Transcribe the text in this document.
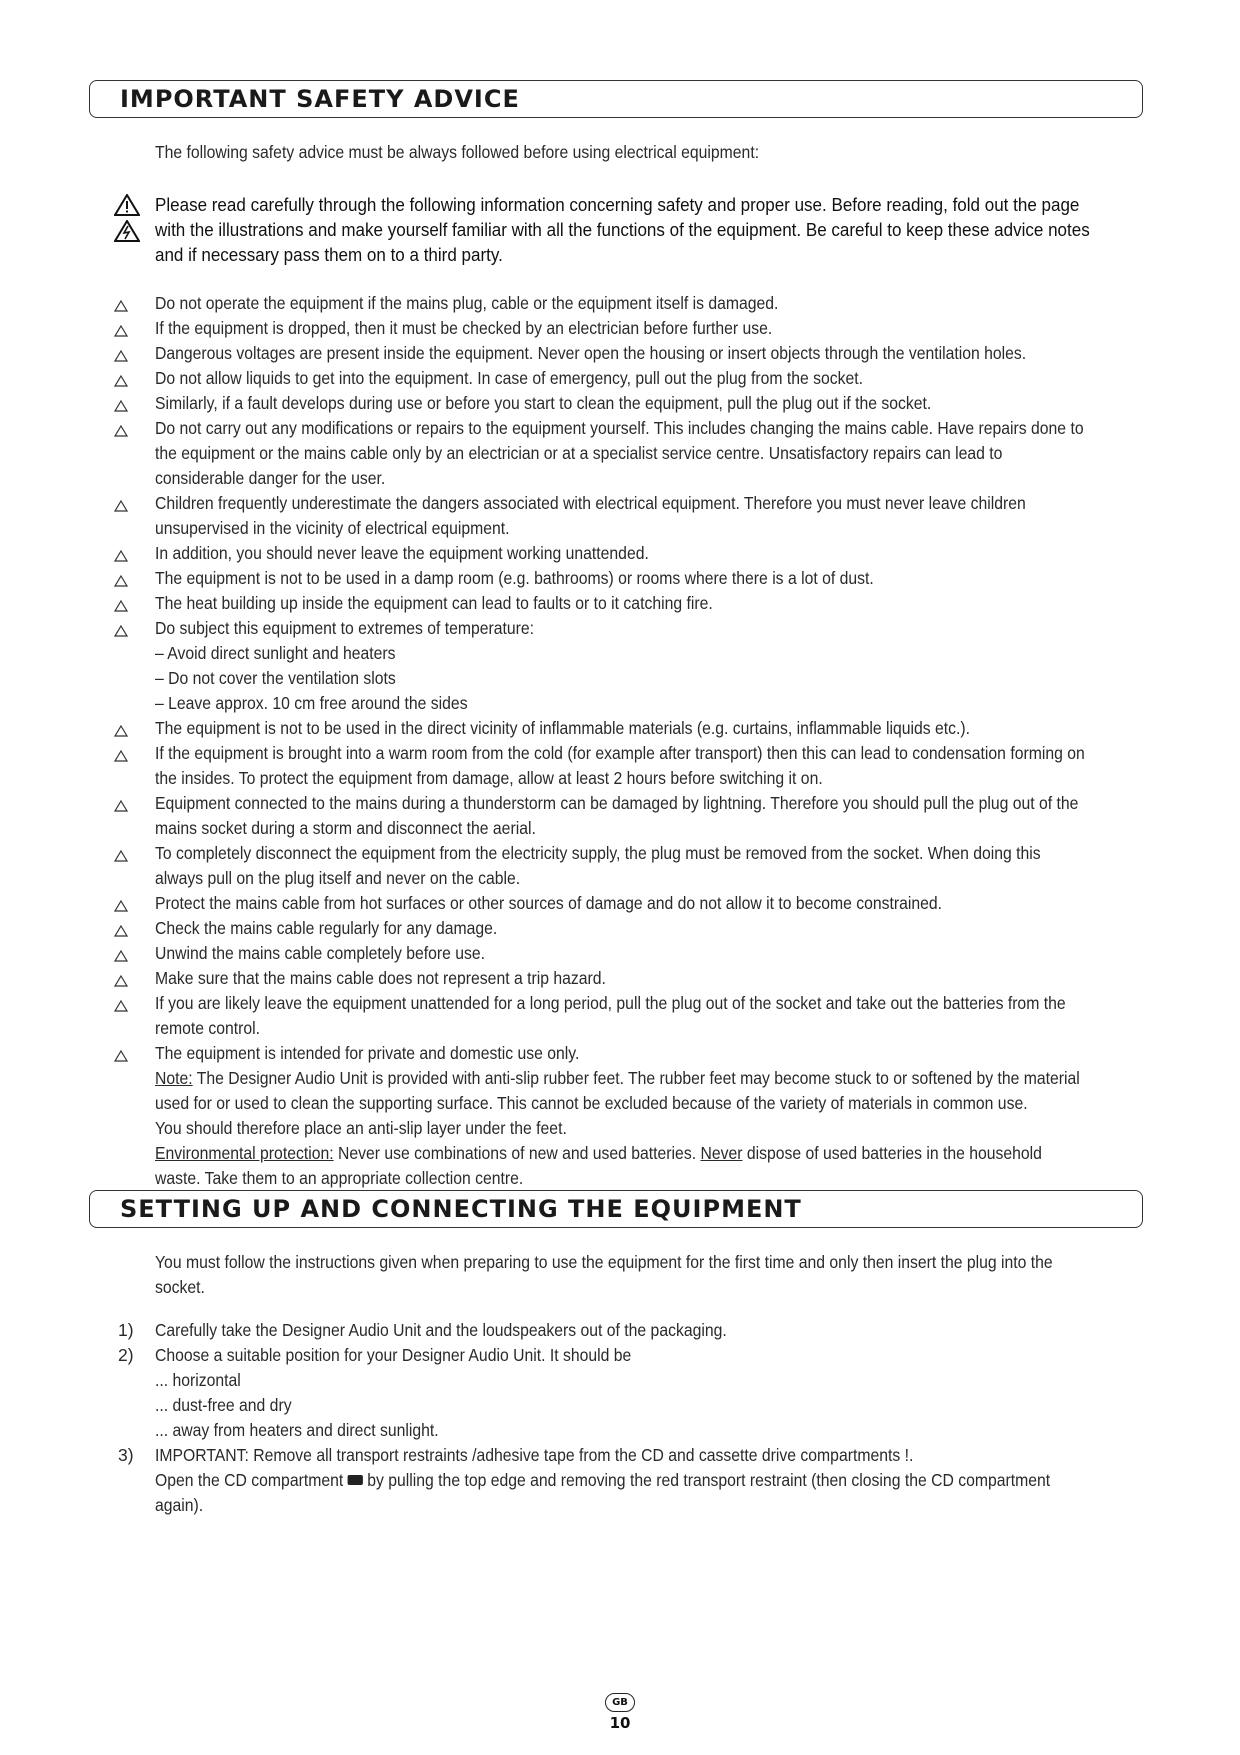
IMPORTANT SAFETY ADVICE
The following safety advice must be always followed before using electrical equipment:
Please read carefully through the following information concerning safety and proper use. Before reading, fold out the page with the illustrations and make yourself familiar with all the functions of the equipment. Be careful to keep these advice notes and if necessary pass them on to a third party.
Do not operate the equipment if the mains plug, cable or the equipment itself is damaged.
If the equipment is dropped, then it must be checked by an electrician before further use.
Dangerous voltages are present inside the equipment. Never open the housing or insert objects through the ventilation holes.
Do not allow liquids to get into the equipment. In case of emergency, pull out the plug from the socket.
Similarly, if a fault develops during use or before you start to clean the equipment, pull the plug out if the socket.
Do not carry out any modifications or repairs to the equipment yourself. This includes changing the mains cable. Have repairs done to the equipment or the mains cable only by an electrician or at a specialist service centre. Unsatisfactory repairs can lead to considerable danger for the user.
Children frequently underestimate the dangers associated with electrical equipment. Therefore you must never leave children unsupervised in the vicinity of electrical equipment.
In addition, you should never leave the equipment working unattended.
The equipment is not to be used in a damp room (e.g. bathrooms) or rooms where there is a lot of dust.
The heat building up inside the equipment can lead to faults or to it catching fire.
Do subject this equipment to extremes of temperature:
– Avoid direct sunlight and heaters
– Do not cover the ventilation slots
– Leave approx. 10 cm free around the sides
The equipment is not to be used in the direct vicinity of inflammable materials (e.g. curtains, inflammable liquids etc.).
If the equipment is brought into a warm room from the cold (for example after transport) then this can lead to condensation forming on the insides. To protect the equipment from damage, allow at least 2 hours before switching it on.
Equipment connected to the mains during a thunderstorm can be damaged by lightning. Therefore you should pull the plug out of the mains socket during a storm and disconnect the aerial.
To completely disconnect the equipment from the electricity supply, the plug must be removed from the socket. When doing this always pull on the plug itself and never on the cable.
Protect the mains cable from hot surfaces or other sources of damage and do not allow it to become constrained.
Check the mains cable regularly for any damage.
Unwind the mains cable completely before use.
Make sure that the mains cable does not represent a trip hazard.
If you are likely leave the equipment unattended for a long period, pull the plug out of the socket and take out the batteries from the remote control.
The equipment is intended for private and domestic use only.
Note: The Designer Audio Unit is provided with anti-slip rubber feet. The rubber feet may become stuck to or softened by the material used for or used to clean the supporting surface. This cannot be excluded because of the variety of materials in common use.
You should therefore place an anti-slip layer under the feet.
Environmental protection: Never use combinations of new and used batteries. Never dispose of used batteries in the household waste. Take them to an appropriate collection centre.
SETTING UP AND CONNECTING THE EQUIPMENT
You must follow the instructions given when preparing to use the equipment for the first time and only then insert the plug into the socket.
1) Carefully take the Designer Audio Unit and the loudspeakers out of the packaging.
2) Choose a suitable position for your Designer Audio Unit. It should be
... horizontal
... dust-free and dry
... away from heaters and direct sunlight.
3) IMPORTANT: Remove all transport restraints /adhesive tape from the CD and cassette drive compartments !.
Open the CD compartment  by pulling the top edge and removing the red transport restraint (then closing the CD compartment again).
GB
10
